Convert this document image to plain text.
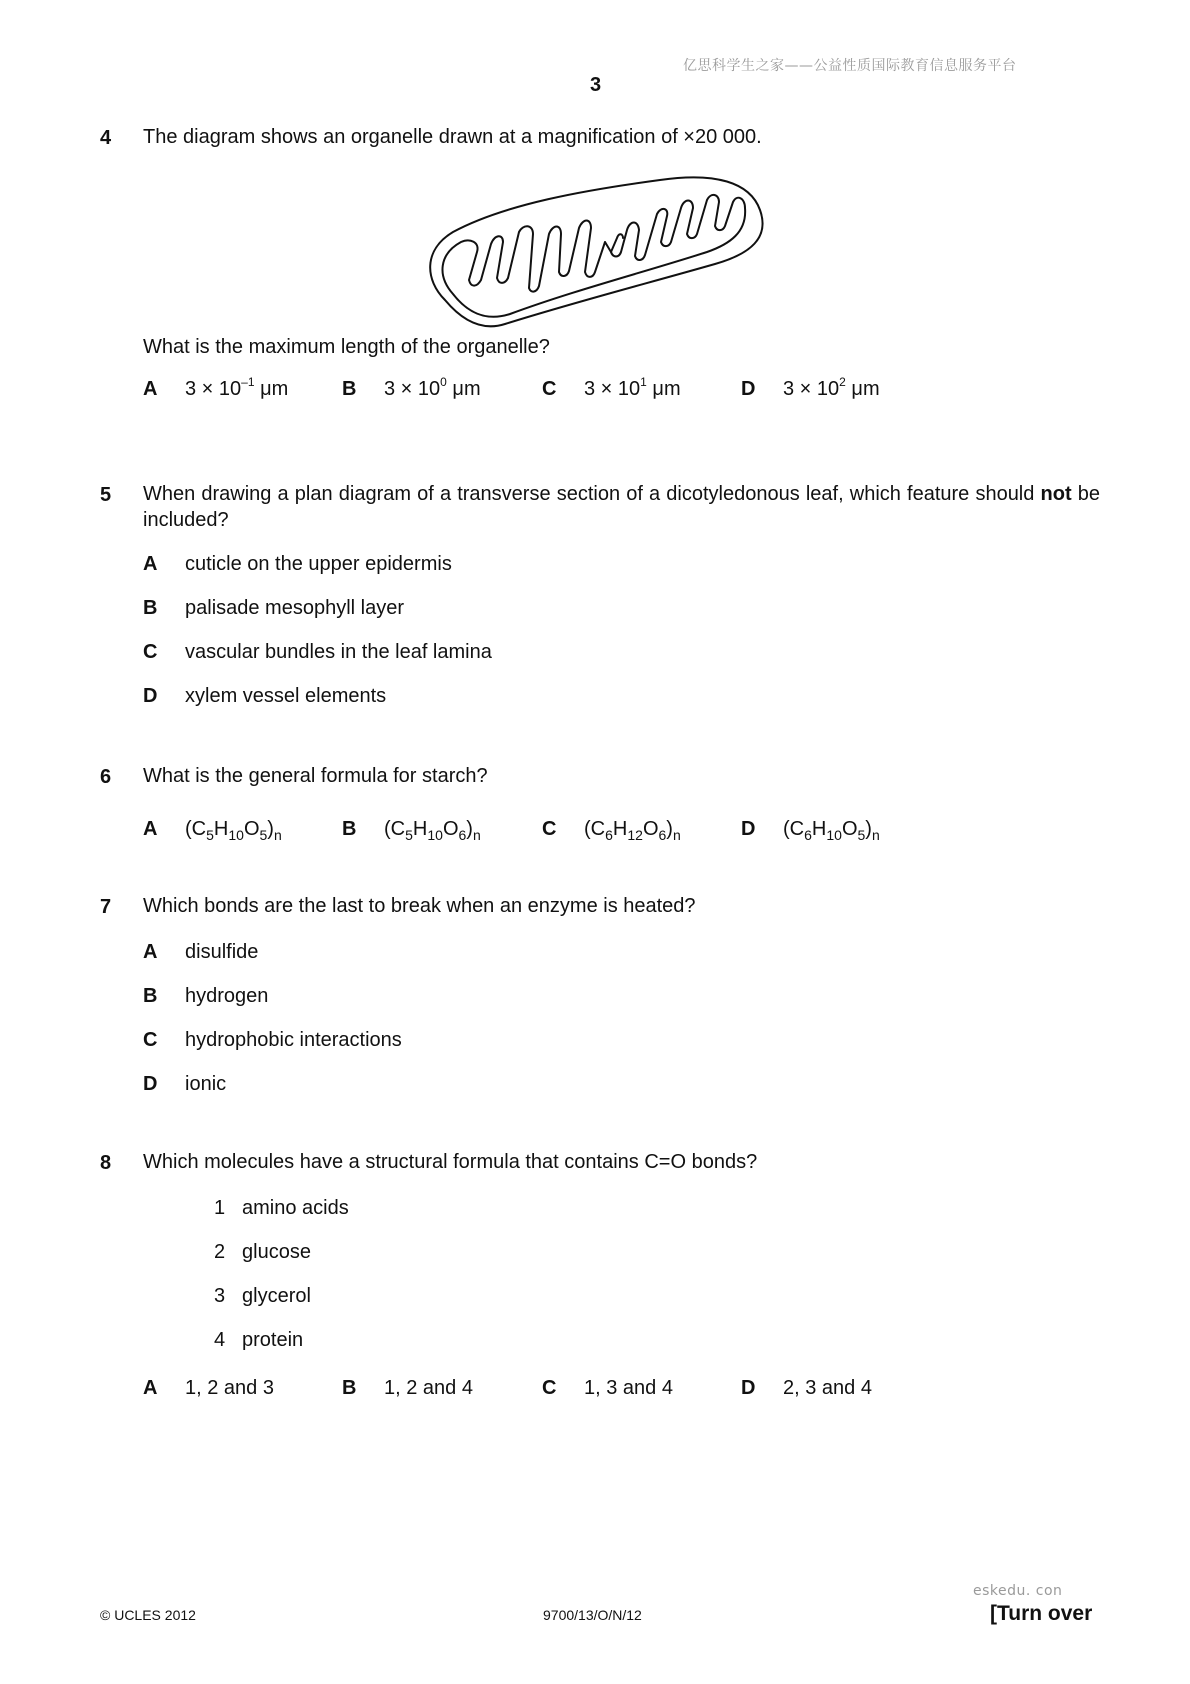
亿思科学生之家——公益性质国际教育信息服务平台
3
4 The diagram shows an organelle drawn at a magnification of ×20 000.
What is the maximum length of the organelle?
A $3 \times 10^{-1}$ μm	B $3 \times 10^0$ μm	C $3 \times 10^1$ μm	D $3 \times 10^2$ μm
5 When drawing a plan diagram of a transverse section of a dicotyledonous leaf, which feature should not be included?
A cuticle on the upper epidermis
B palisade mesophyll layer
C vascular bundles in the leaf lamina
D xylem vessel elements
6 What is the general formula for starch?
A $(C_5H_{10}O_5)_n$	B $(C_5H_{10}O_6)_n$	C $(C_6H_{12}O_6)_n$	D $(C_6H_{10}O_5)_n$
7 Which bonds are the last to break when an enzyme is heated?
A disulfide
B hydrogen
C hydrophobic interactions
D ionic
8 Which molecules have a structural formula that contains C=O bonds?
1 amino acids
2 glucose
3 glycerol
4 protein
A 1, 2 and 3	B 1, 2 and 4	C 1, 3 and 4	D 2, 3 and 4
eskedu. con
© UCLES 2012	9700/13/O/N/12	[Turn over
